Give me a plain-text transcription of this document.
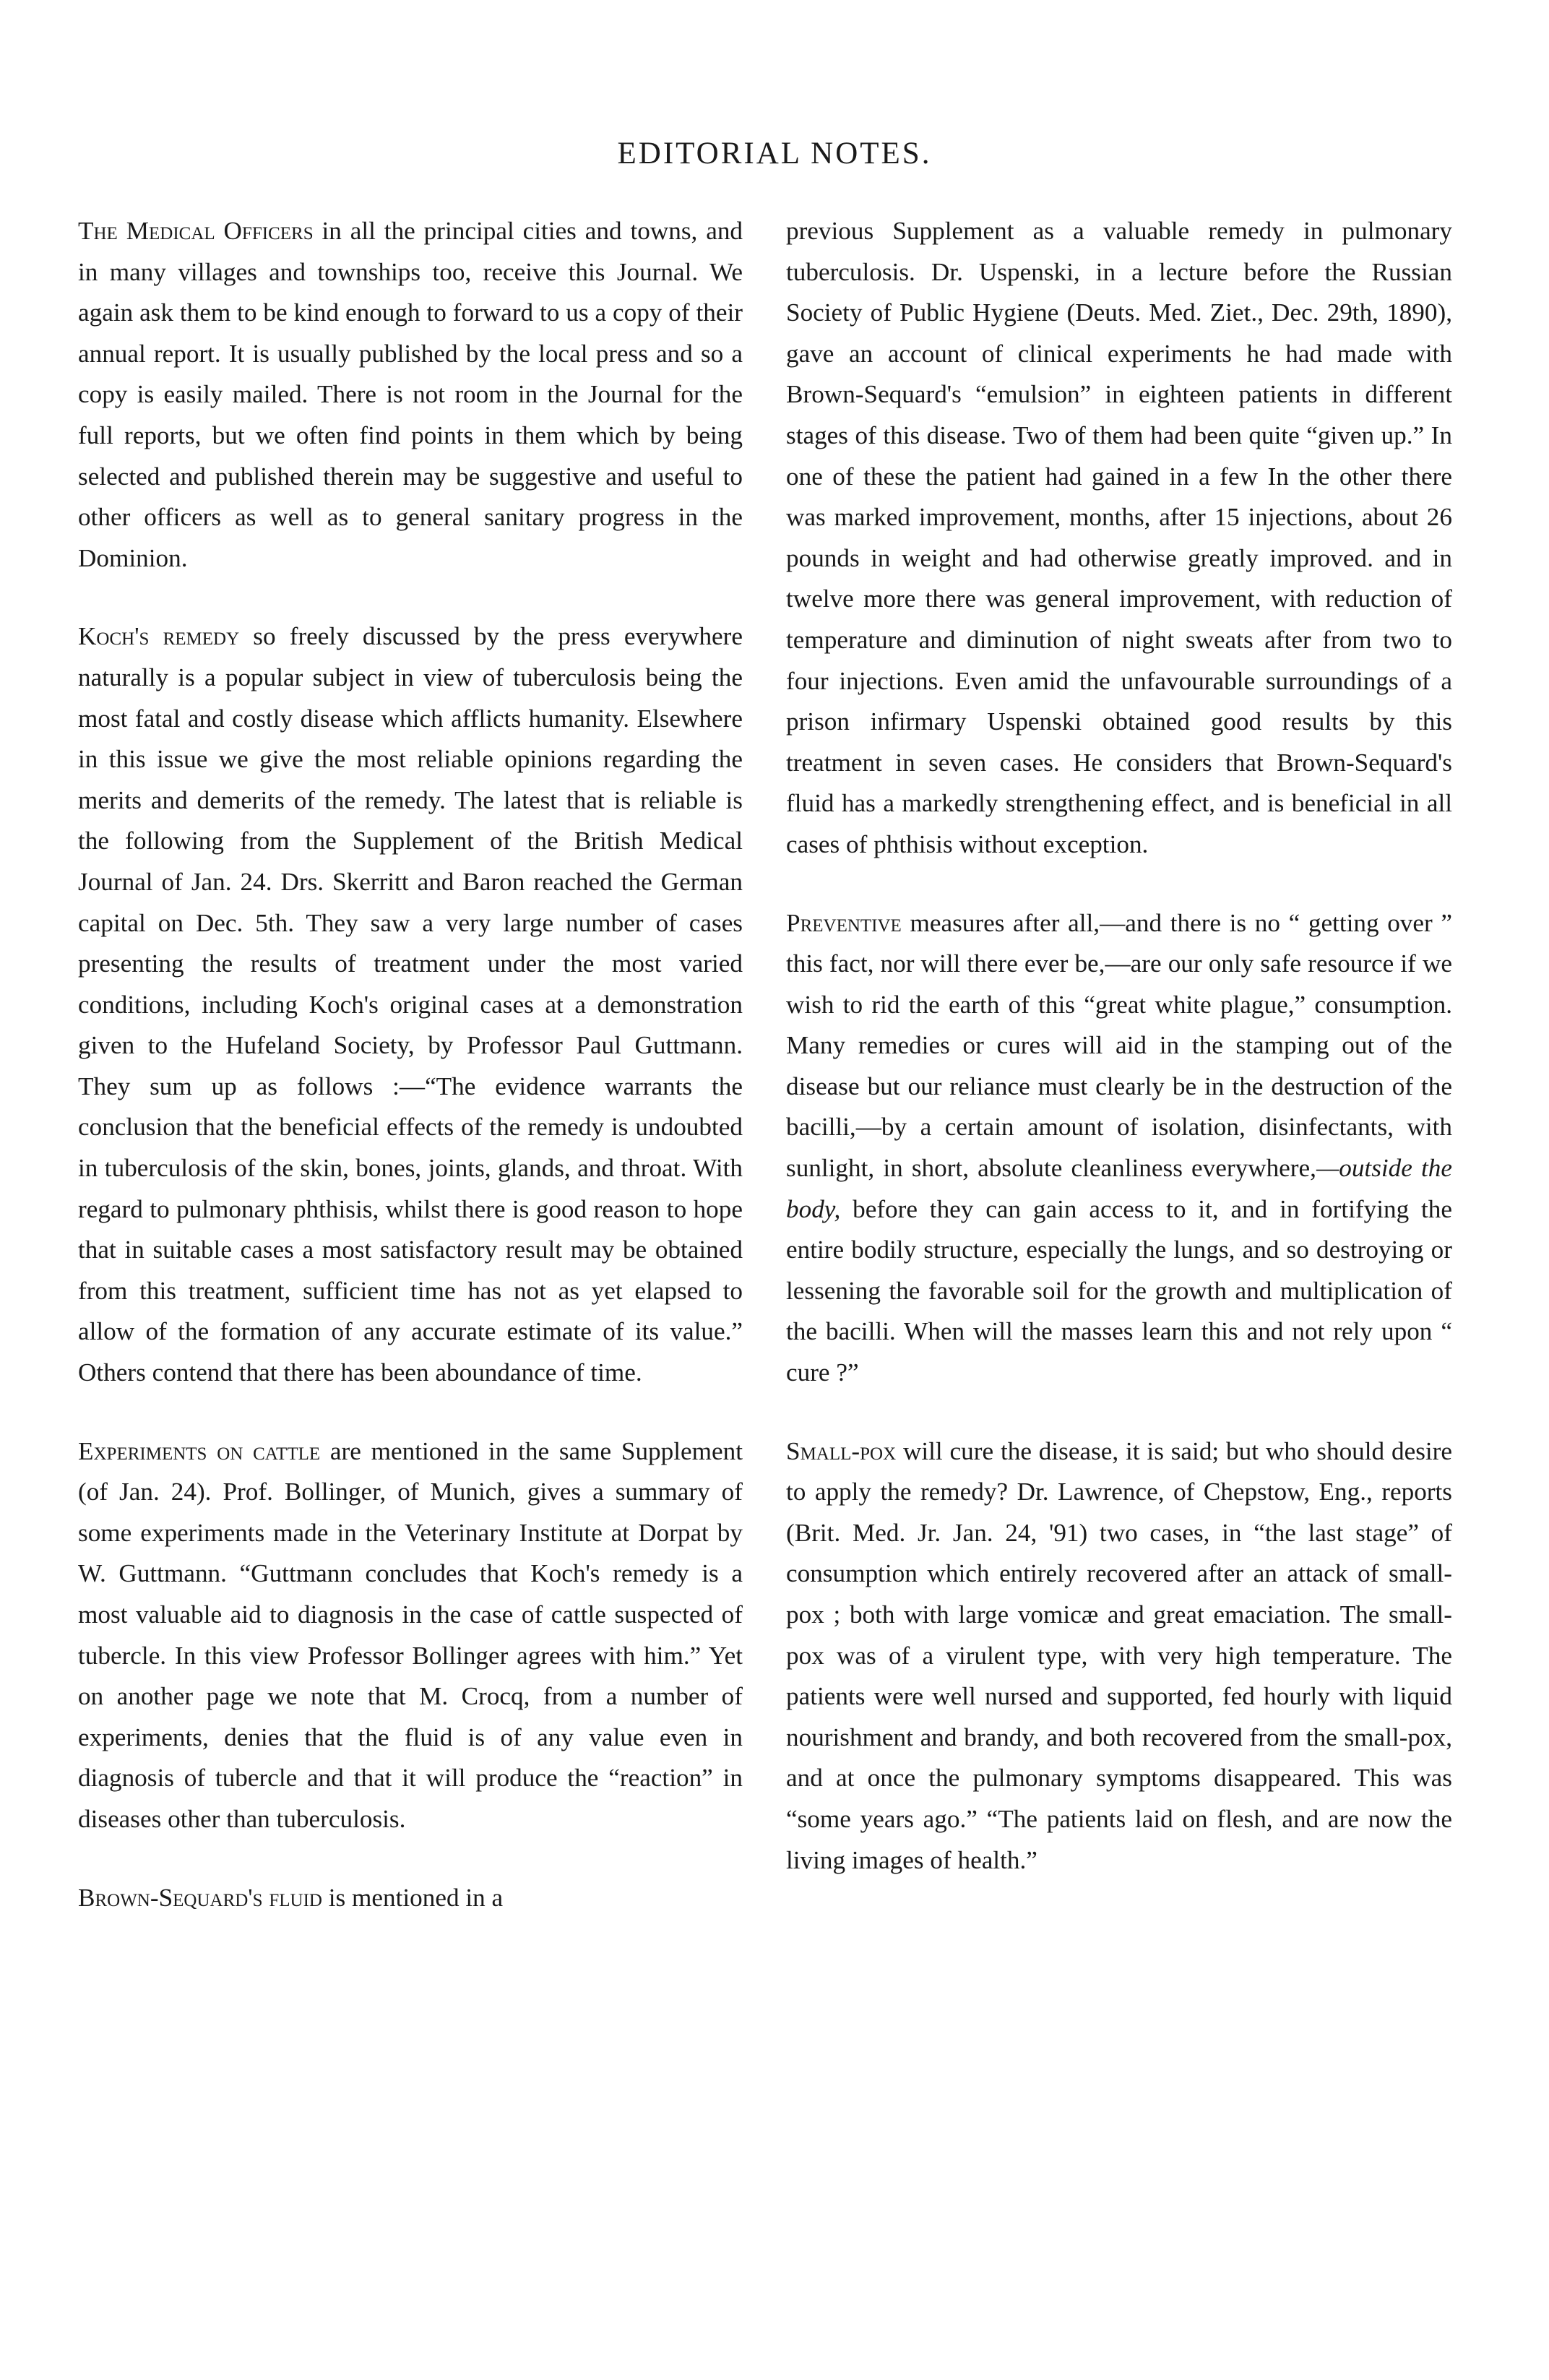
EDITORIAL NOTES.

The Medical Officers in all the principal cities and towns, and in many villages and townships too, receive this Journal. We again ask them to be kind enough to forward to us a copy of their annual report. It is usually published by the local press and so a copy is easily mailed. There is not room in the Journal for the full reports, but we often find points in them which by being selected and published therein may be suggestive and useful to other officers as well as to general sanitary progress in the Dominion.

Koch's remedy so freely discussed by the press everywhere naturally is a popular subject in view of tuberculosis being the most fatal and costly disease which afflicts humanity. Elsewhere in this issue we give the most reliable opinions regarding the merits and demerits of the remedy. The latest that is reliable is the following from the Supplement of the British Medical Journal of Jan. 24. Drs. Skerritt and Baron reached the German capital on Dec. 5th. They saw a very large number of cases presenting the results of treatment under the most varied conditions, including Koch's original cases at a demonstration given to the Hufeland Society, by Professor Paul Guttmann. They sum up as follows :—“The evidence warrants the conclusion that the beneficial effects of the remedy is undoubted in tuberculosis of the skin, bones, joints, glands, and throat. With regard to pulmonary phthisis, whilst there is good reason to hope that in suitable cases a most satisfactory result may be obtained from this treatment, sufficient time has not as yet elapsed to allow of the formation of any accurate estimate of its value.” Others contend that there has been aboundance of time.

Experiments on cattle are mentioned in the same Supplement (of Jan. 24). Prof. Bollinger, of Munich, gives a summary of some experiments made in the Veterinary Institute at Dorpat by W. Guttmann. “Guttmann concludes that Koch's remedy is a most valuable aid to diagnosis in the case of cattle suspected of tubercle. In this view Professor Bollinger agrees with him.” Yet on another page we note that M. Crocq, from a number of experiments, denies that the fluid is of any value even in diagnosis of tubercle and that it will produce the “reaction” in diseases other than tuberculosis.

Brown-Sequard's fluid is mentioned in a

previous Supplement as a valuable remedy in pulmonary tuberculosis. Dr. Uspenski, in a lecture before the Russian Society of Public Hygiene (Deuts. Med. Ziet., Dec. 29th, 1890), gave an account of clinical experiments he had made with Brown-Sequard's “emulsion” in eighteen patients in different stages of this disease. Two of them had been quite “given up.” In one of these the patient had gained in a few In the other there was marked improvement, months, after 15 injections, about 26 pounds in weight and had otherwise greatly improved. and in twelve more there was general improvement, with reduction of temperature and diminution of night sweats after from two to four injections. Even amid the unfavourable surroundings of a prison infirmary Uspenski obtained good results by this treatment in seven cases. He considers that Brown-Sequard's fluid has a markedly strengthening effect, and is beneficial in all cases of phthisis without exception.

Preventive measures after all,—and there is no “ getting over ” this fact, nor will there ever be,—are our only safe resource if we wish to rid the earth of this “great white plague,” consumption. Many remedies or cures will aid in the stamping out of the disease but our reliance must clearly be in the destruction of the bacilli,—by a certain amount of isolation, disinfectants, with sunlight, in short, absolute cleanliness everywhere,—outside the body, before they can gain access to it, and in fortifying the entire bodily structure, especially the lungs, and so destroying or lessening the favorable soil for the growth and multiplication of the bacilli. When will the masses learn this and not rely upon “ cure ?”

Small-pox will cure the disease, it is said; but who should desire to apply the remedy? Dr. Lawrence, of Chepstow, Eng., reports (Brit. Med. Jr. Jan. 24, '91) two cases, in “the last stage” of consumption which entirely recovered after an attack of small-pox ; both with large vomicæ and great emaciation. The small-pox was of a virulent type, with very high temperature. The patients were well nursed and supported, fed hourly with liquid nourishment and brandy, and both recovered from the small-pox, and at once the pulmonary symptoms disappeared. This was “some years ago.” “The patients laid on flesh, and are now the living images of health.”
